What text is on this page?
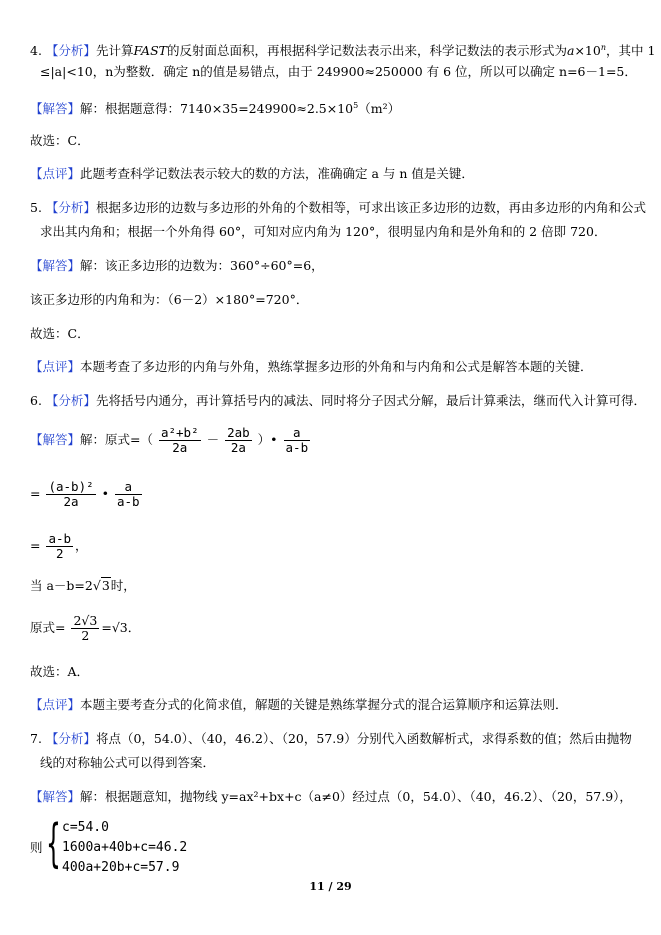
4. 【分析】先计算FAST的反射面总面积，再根据科学记数法表示出来，科学记数法的表示形式为$a\times 10^n$，其中 1
≤|a|<10，n为整数．确定 n的值是易错点，由于 249900≈250000 有 6 位，所以可以确定 n=6－1=5．
【解答】解：根据题意得：$7140\times 35=249900\approx 2.5\times 10^5(m^2)$
故选：C．
【点评】此题考查科学记数法表示较大的数的方法，准确确定 a 与 n 值是关键．
5. 【分析】根据多边形的边数与多边形的外角的个数相等，可求出该正多边形的边数，再由多边形的内角和公式
求出其内角和；根据一个外角得 60°，可知对应内角为 120°，很明显内角和是外角和的 2 倍即 720．
【解答】解：该正多边形的边数为：360°÷60°=6，
该正多边形的内角和为：（6－2）×180°=720°．
故选：C．
【点评】本题考查了多边形的内角与外角，熟练掌握多边形的外角和与内角和公式是解答本题的关键．
6. 【分析】先将括号内通分，再计算括号内的减法、同时将分子因式分解，最后计算乘法，继而代入计算可得．
【解答】解：原式=（ $\frac{\text{a²+b²}}{2a} - \frac{2ab}{2a}$ ）• $\frac{a}{a-b}$
= $\frac{\text{(a-b)²}}{2a}$ • $\frac{a}{a-b}$
= $\frac{a-b}{2}$ ，
当 a－b=2√3时，
原式= $\frac{2√3}{2} =√3$．
故选：A．
【点评】本题主要考查分式的化简求值，解题的关键是熟练掌握分式的混合运算顺序和运算法则．
7. 【分析】将点（0，54.0）、（40，46.2）、（20，57.9）分别代入函数解析式，求得系数的值；然后由抛物
线的对称轴公式可以得到答案．
【解答】解：根据题意知，抛物线 y=ax²+bx+c（a≠0）经过点（0，54.0）、（40，46.2）、（20，57.9），
则 { c=54.0
1600a+40b+c=46.2
400a+20b+c=57.9
11 / 29
